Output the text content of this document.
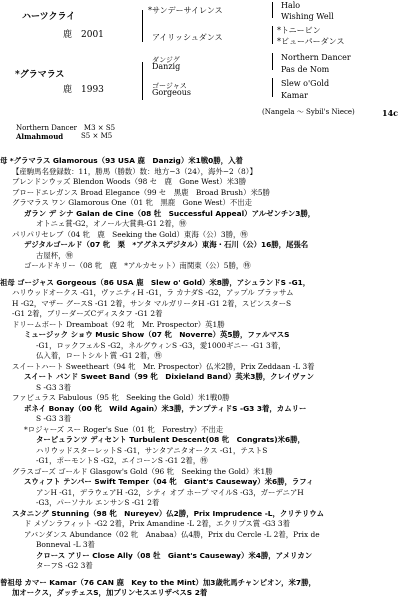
ハーツクライ
鹿　2001
*グラマラス
鹿　1993
*サンデーサイレンス
アイリッシュダンス
ダンジグ
Danzig
ゴージャス
Gorgeous
Halo
Wishing Well
*トニービン
*ビューパーダンス
Northern Dancer
Pas de Nom
Slew o'Gold
Kamar
(Nangela ～ Sybil's Niece)	14c
Northern Dancer　M3 × S5
Almahmoud	S5 × M5
母 *グラマラス Glamorous（93 USA 鹿　Danzig）米1戦0勝，入着
【産駒馬名登録数：11，勝馬（勝数）数：地方−3（24），海外−2（8）】
ブレンドンウッズ Blendon Woods（98 セ　鹿　Gone West）米3勝
ブロードエレガンス Broad Elegance（99 セ　黒鹿　Broad Brush）米5勝
グラマラス ワン Glamorous One（01 牝　黒鹿　Gone West）不出走
ガラン デ シナ Galan de Cine（08 牡　Successful Appeal）アルゼンチン3勝，
オトニェ賞-G2，オノール大賞典-G1 2着，㊕
パリパリセレブ（04 牝　鹿　Seeking the Gold）東海（公）3勝，㊕
デジタルゴールド（07 牝　栗　*アグネスデジタル）東海・石川（公）16勝，尾張名
古屋杯，㊕
ゴールドキリー（08 牝　鹿　*アルカセット）南関東（公）5勝，㊕
祖母 ゴージャス Gorgeous（86 USA 鹿　Slew o' Gold）米8勝，アシュランドS -G1，
ハリウッドオークス -G1，ヴァニティH -G1，ラ カナダS -G2，アップル ブラッサム
H -G2，マザー グースS -G1 2着，サンタ マルガリータH -G1 2着，スピンスターS
-G1 2着，ブリーダーズCディスタフ -G1 2着
ドリームボート Dreamboat（92 牝　Mr. Prospector）英1勝
ミュージック ショウ Music Show（07 牝　Noverre）英5勝，ファルマスS
-G1，ロックフェルS -G2，ネルグウィンS -G3，愛1000ギニー -G1 3着，
仏入着，ロートシルト賞 -G1 2着，㊕
スイートハート Sweetheart（94 牝　Mr. Prospector）仏米2勝，Prix Zeddaan -L 3着
スイート バンド Sweet Band（99 牝　Dixieland Band）英米3勝，クレイヴァン
S -G3 3着
ファビュラス Fabulous（95 牝　Seeking the Gold）米1戦0勝
ボネイ Bonay（00 牝　Wild Again）米3勝，テンプティドS -G3 3着，カムリー
S -G3 3着
*ロジャーズ スー Roger's Sue（01 牝　Forestry）不出走
ターピュランツ ディセント Turbulent Descent(08 牝　Congrats)米6勝，
ハリウッドスターレットS -G1，サンタアニタオークス -G1，テストS
-G1，ポーモントS -G2，エイコーンS -G1 2着，㊕
グラスゴーズ ゴールド Glasgow's Gold（96 牝　Seeking the Gold）米1勝
スウィフト テンパー Swift Temper（04 牝　Giant's Causeway）米6勝，ラフィ
アンH -G1，デラウェアH -G2，シティ オブ ホープ マイルS -G3，ガーデニアH
-G3，パーソナル エンサンS -G1 2着
スタニング Stunning（98 牝　Nureyev）仏2勝，Prix Imprudence -L，クリテリウム
ド メゾンラフィット -G2 2着，Prix Amandine -L 2着，エクリプス賞 -G3 3着
アバンダンス Abundance（02 牝　Anabaa）仏4勝，Prix du Cercle -L 2着，Prix de
Bonneval -L 3着
クロース アリー Close Ally（08 牡　Giant's Causeway）米4勝，アメリカン
ターフS -G2 3着
曾祖母 カマー Kamar（76 CAN 鹿　Key to the Mint）加3歳牝馬チャンピオン，米7勝，
加オークス，ダッチェスS，加プリンセスエリザベスS 2着
